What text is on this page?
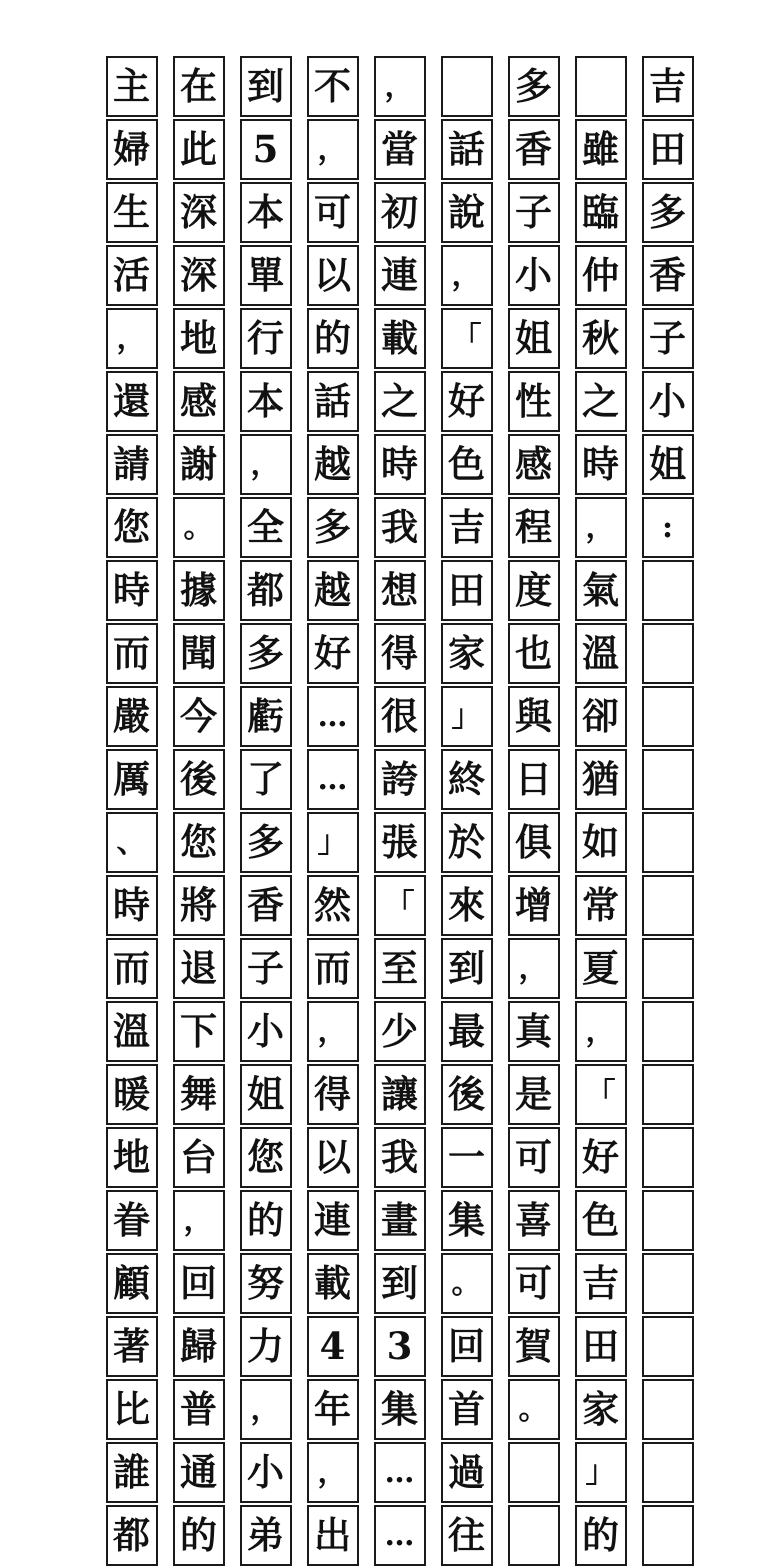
吉
田
多
香
子
小
姐
:
雖
臨
仲
秋
之
時
，
氣
溫
卻
猶
如
常
夏
，
「
好
色
吉
田
家
」
的
多
香
子
小
姐
性
感
程
度
也
與
日
俱
增
，
真
是
可
喜
可
賀
。
話
說
，
「
好
色
吉
田
家
」
終
於
來
到
最
後
一
集
。
回
首
過
往
，
當
初
連
載
之
時
我
想
得
很
誇
張
「
至
少
讓
我
畫
到
3
集
…
…
不
，
可
以
的
話
越
多
越
好
…
…
」
然
而
，
得
以
連
載
4
年
，
出
到
5
本
單
行
本
，
全
都
多
虧
了
多
香
子
小
姐
您
的
努
力
，
小
弟
在
此
深
深
地
感
謝
。
據
聞
今
後
您
將
退
下
舞
台
，
回
歸
普
通
的
主
婦
生
活
，
還
請
您
時
而
嚴
厲
、
時
而
溫
暖
地
眷
顧
著
比
誰
都
